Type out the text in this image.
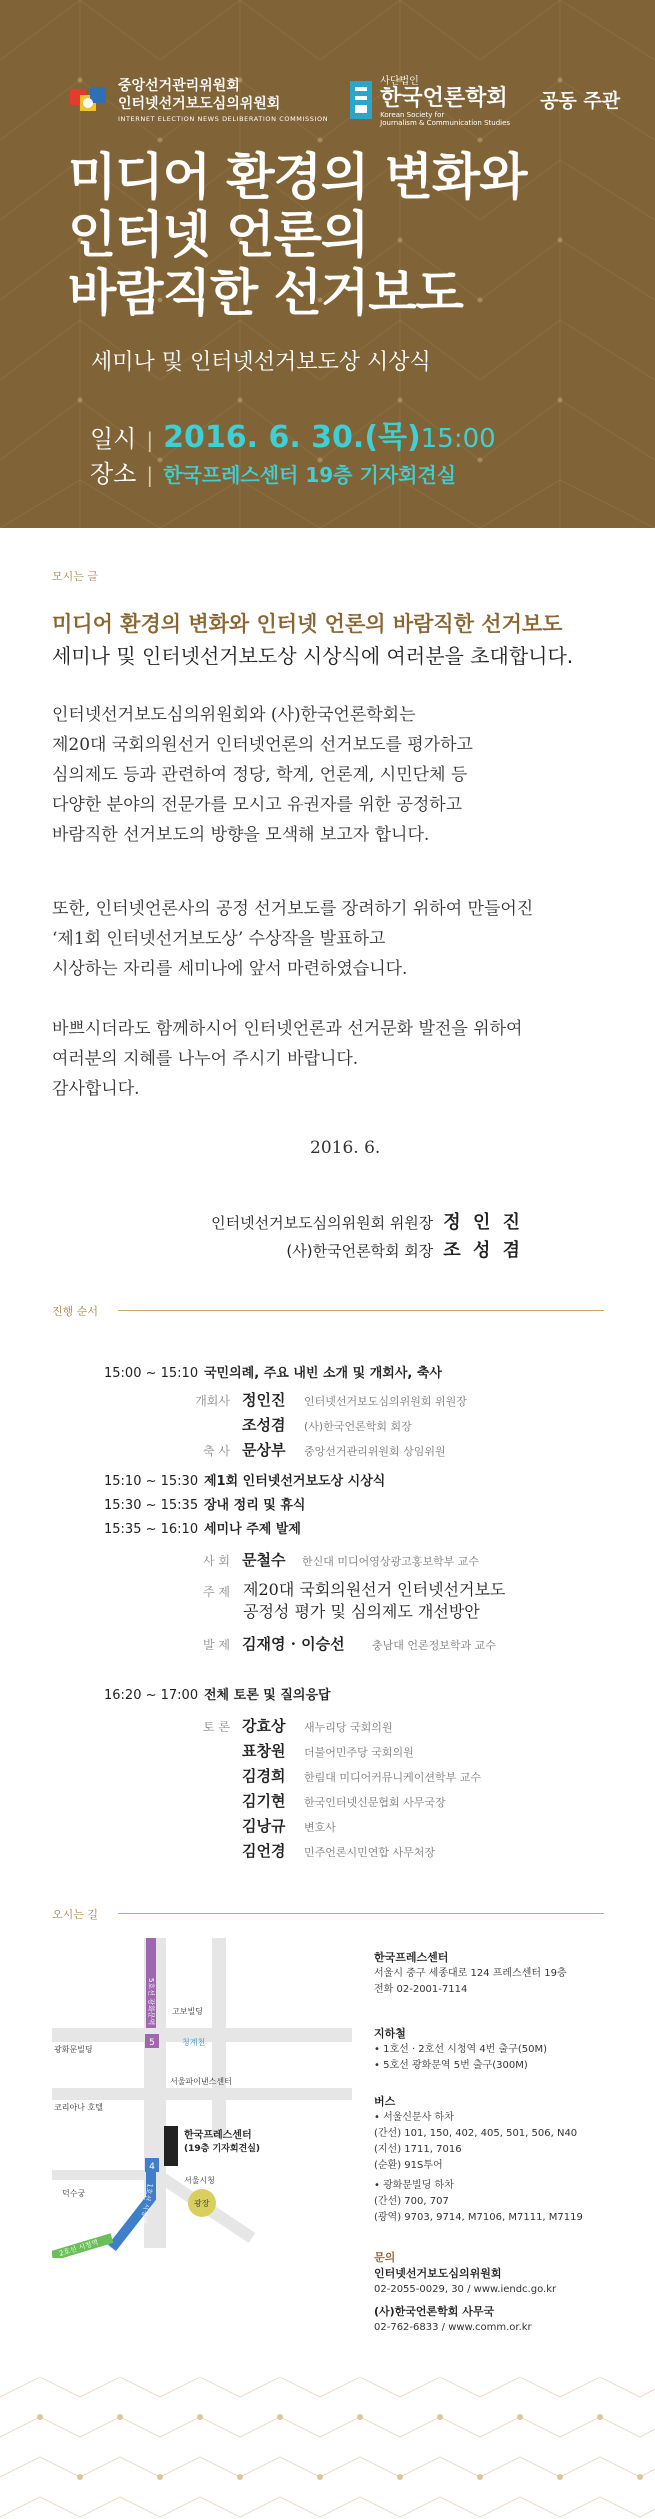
중앙선거관리위원회
인터넷선거보도심의위원회
INTERNET ELECTION NEWS DELIBERATION COMMISSION
사단법인
한국언론학회
Korean Society for
Journalism & Communication Studies
공동 주관
미디어 환경의 변화와
인터넷 언론의
바람직한 선거보도
세미나 및 인터넷선거보도상 시상식
일시 | 2016. 6. 30.(목) 15:00
장소 | 한국프레스센터 19층 기자회견실
모시는 글
미디어 환경의 변화와 인터넷 언론의 바람직한 선거보도
세미나 및 인터넷선거보도상 시상식에 여러분을 초대합니다.
인터넷선거보도심의위원회와 (사)한국언론학회는
제20대 국회의원선거 인터넷언론의 선거보도를 평가하고
심의제도 등과 관련하여 정당, 학계, 언론계, 시민단체 등
다양한 분야의 전문가를 모시고 유권자를 위한 공정하고
바람직한 선거보도의 방향을 모색해 보고자 합니다.
또한, 인터넷언론사의 공정 선거보도를 장려하기 위하여 만들어진
‘제1회 인터넷선거보도상’ 수상작을 발표하고
시상하는 자리를 세미나에 앞서 마련하였습니다.
바쁘시더라도 함께하시어 인터넷언론과 선거문화 발전을 위하여
여러분의 지혜를 나누어 주시기 바랍니다.
감사합니다.
2016. 6.
인터넷선거보도심의위원회 위원장 정 인 진
(사)한국언론학회 회장 조 성 겸
진행 순서
15:00 ~ 15:10 국민의례, 주요 내빈 소개 및 개회사, 축사
개회사 정인진 인터넷선거보도심의위원회 위원장
조성겸 (사)한국언론학회 회장
축 사 문상부 중앙선거관리위원회 상임위원
15:10 ~ 15:30 제1회 인터넷선거보도상 시상식
15:30 ~ 15:35 장내 정리 및 휴식
15:35 ~ 16:10 세미나 주제 발제
사 회 문철수 한신대 미디어영상광고홍보학부 교수
주 제 제20대 국회의원선거 인터넷선거보도
공정성 평가 및 심의제도 개선방안
발 제 김재영 · 이승선 충남대 언론정보학과 교수
16:20 ~ 17:00 전체 토론 및 질의응답
토 론 강효상 새누리당 국회의원
표창원 더불어민주당 국회의원
김경희 한림대 미디어커뮤니케이션학부 교수
김기현 한국인터넷신문협회 사무국장
김낭규 변호사
김언경 민주언론시민연합 사무처장
오시는 길
5
4
고보빌딩
광화문빌딩
청계천
서울파이낸스센터
코리아나 호텔
한국프레스센터
(19층 기자회견실)
서울시청
광장
덕수궁
5호선 광화문역
1호선 시청역
2호선 시청역
한국프레스센터
서울시 중구 세종대로 124 프레스센터 19층
전화 02-2001-7114
지하철
• 1호선 · 2호선 시청역 4번 출구(50M)
• 5호선 광화문역 5번 출구(300M)
버스
• 서울신문사 하차
(간선) 101, 150, 402, 405, 501, 506, N40
(지선) 1711, 7016
(순환) 91S투어
• 광화문빌딩 하차
(간선) 700, 707
(광역) 9703, 9714, M7106, M7111, M7119
문의
인터넷선거보도심의위원회
02-2055-0029, 30 / www.iendc.go.kr
(사)한국언론학회 사무국
02-762-6833 / www.comm.or.kr
